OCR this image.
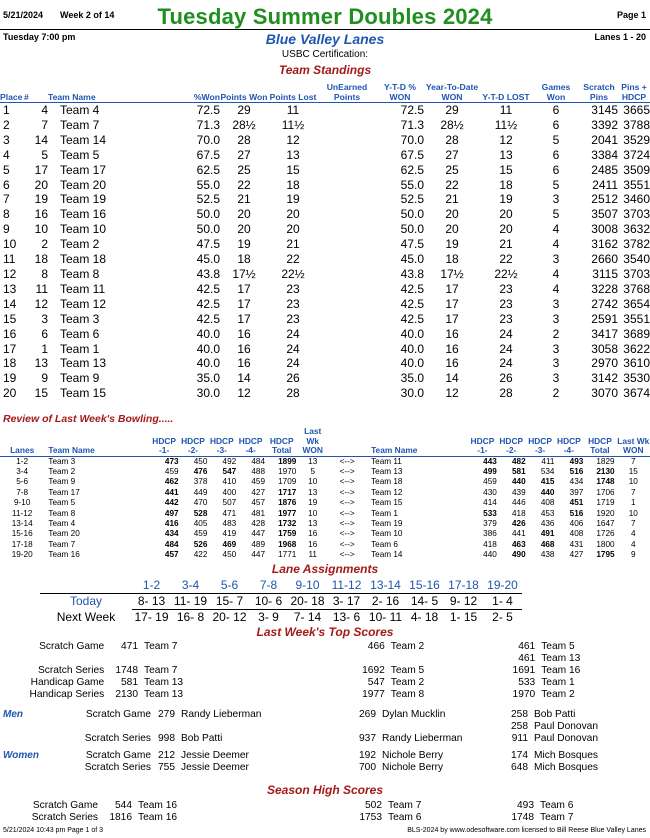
5/21/2024 Week 2 of 14	Tuesday Summer Doubles 2024	Page 1
Tuesday 7:00 pm	Blue Valley Lanes	Lanes 1 - 20
USBC Certification:
Team Standings
Place	#	Team Name	%Won	Points Won	Points Lost	UnEarned Points	Y-T-D % WON	Year-To-Date WON	Y-T-D LOST	Games Won	Scratch Pins	Pins + HDCP
1	4	Team 4	72.5	29	11		72.5	29	11	6	3145	3665
2	7	Team 7	71.3	28½	11½		71.3	28½	11½	6	3392	3788
3	14	Team 14	70.0	28	12		70.0	28	12	5	2041	3529
4	5	Team 5	67.5	27	13		67.5	27	13	6	3384	3724
5	17	Team 17	62.5	25	15		62.5	25	15	6	2485	3509
6	20	Team 20	55.0	22	18		55.0	22	18	5	2411	3551
7	19	Team 19	52.5	21	19		52.5	21	19	3	2512	3460
8	16	Team 16	50.0	20	20		50.0	20	20	5	3507	3703
9	10	Team 10	50.0	20	20		50.0	20	20	4	3008	3632
10	2	Team 2	47.5	19	21		47.5	19	21	4	3162	3782
11	18	Team 18	45.0	18	22		45.0	18	22	3	2660	3540
12	8	Team 8	43.8	17½	22½		43.8	17½	22½	4	3115	3703
13	11	Team 11	42.5	17	23		42.5	17	23	4	3228	3768
14	12	Team 12	42.5	17	23		42.5	17	23	3	2742	3654
15	3	Team 3	42.5	17	23		42.5	17	23	3	2591	3551
16	6	Team 6	40.0	16	24		40.0	16	24	2	3417	3689
17	1	Team 1	40.0	16	24		40.0	16	24	3	3058	3622
18	13	Team 13	40.0	16	24		40.0	16	24	3	2970	3610
19	9	Team 9	35.0	14	26		35.0	14	26	3	3142	3530
20	15	Team 15	30.0	12	28		30.0	12	28	2	3070	3674
Review of Last Week's Bowling.....
Lanes	Team Name	HDCP -1-	HDCP -2-	HDCP -3-	HDCP -4-	HDCP Total	Last Wk WON		Team Name	HDCP -1-	HDCP -2-	HDCP -3-	HDCP -4-	HDCP Total	Last Wk WON
1-2	Team 3	473	450	492	484	1899	13	<-->	Team 11	443	482	411	493	1829	7
3-4	Team 2	459	476	547	488	1970	5	<-->	Team 13	499	581	534	516	2130	15
5-6	Team 9	462	378	410	459	1709	10	<-->	Team 18	459	440	415	434	1748	10
7-8	Team 17	441	449	400	427	1717	13	<-->	Team 12	430	439	440	397	1706	7
9-10	Team 5	442	470	507	457	1876	19	<-->	Team 15	414	446	408	451	1719	1
11-12	Team 8	497	528	471	481	1977	10	<-->	Team 1	533	418	453	516	1920	10
13-14	Team 4	416	405	483	428	1732	13	<-->	Team 19	379	426	436	406	1647	7
15-16	Team 20	434	459	419	447	1759	16	<-->	Team 10	386	441	491	408	1726	4
17-18	Team 7	484	526	469	489	1968	16	<-->	Team 6	418	463	468	431	1800	4
19-20	Team 16	457	422	450	447	1771	11	<-->	Team 14	440	490	438	427	1795	9
Lane Assignments
	1-2	3-4	5-6	7-8	9-10	11-12	13-14	15-16	17-18	19-20
Today	8- 13	11- 19	15- 7	10- 6	20- 18	3- 17	2- 16	14- 5	9- 12	1- 4
Next Week	17- 19	16- 8	20- 12	3- 9	7- 14	13- 6	10- 11	4- 18	1- 15	2- 5
Last Week's Top Scores
	Scratch Game	471	Team 7	466	Team 2	461	Team 5
						461	Team 13
	Scratch Series	1748	Team 7	1692	Team 5	1691	Team 16
	Handicap Game	581	Team 13	547	Team 2	533	Team 1
	Handicap Series	2130	Team 13	1977	Team 8	1970	Team 2
Men	Scratch Game	279	Randy Lieberman	269	Dylan Mucklin	258	Bob Patti
						258	Paul Donovan
	Scratch Series	998	Bob Patti	937	Randy Lieberman	911	Paul Donovan
Women	Scratch Game	212	Jessie Deemer	192	Nichole Berry	174	Mich Bosques
	Scratch Series	755	Jessie Deemer	700	Nichole Berry	648	Mich Bosques
Season High Scores
	Scratch Game	544	Team 16	502	Team 7	493	Team 6
	Scratch Series	1816	Team 16	1753	Team 6	1748	Team 7
5/21/2024 10:43 pm Page 1 of 3	BLS-2024 by www.odesoftware.com licensed to Bill Reese Blue Valley Lanes
